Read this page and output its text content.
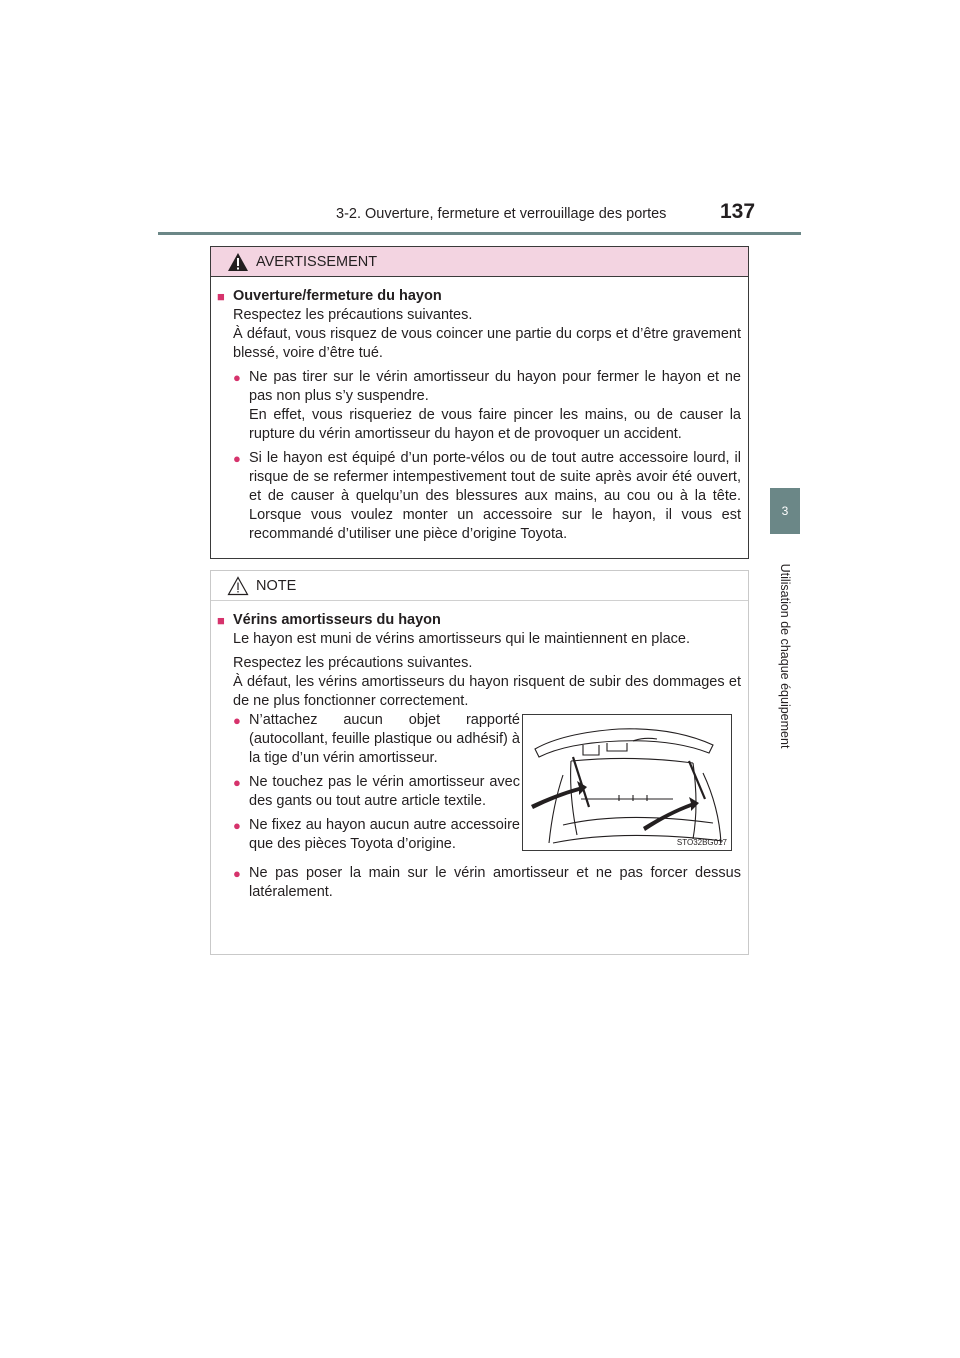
3-2. Ouverture, fermeture et verrouillage des portes	137
3
Utilisation de chaque équipement
AVERTISSEMENT
■ Ouverture/fermeture du hayon
Respectez les précautions suivantes.
À défaut, vous risquez de vous coincer une partie du corps et d’être gravement blessé, voire d’être tué.
● Ne pas tirer sur le vérin amortisseur du hayon pour fermer le hayon et ne pas non plus s’y suspendre.

En effet, vous risqueriez de vous faire pincer les mains, ou de causer la rupture du vérin amortisseur du hayon et de provoquer un accident.

● Si le hayon est équipé d’un porte-vélos ou de tout autre accessoire lourd, il risque de se refermer intempestivement tout de suite après avoir été ouvert, et de causer à quelqu’un des blessures aux mains, au cou ou à la tête. Lorsque vous voulez monter un accessoire sur le hayon, il vous est recommandé d’utiliser une pièce d’origine Toyota.

NOTE
■ Vérins amortisseurs du hayon
Le hayon est muni de vérins amortisseurs qui le maintiennent en place.
Respectez les précautions suivantes.
À défaut, les vérins amortisseurs du hayon risquent de subir des dommages et de ne plus fonctionner correctement.
● N’attachez aucun objet rapporté (autocollant, feuille plastique ou adhésif) à la tige d’un vérin amortisseur.

● Ne touchez pas le vérin amortisseur avec des gants ou tout autre article textile.

● Ne fixez au hayon aucun autre accessoire que des pièces Toyota d’origine.

● Ne pas poser la main sur le vérin amortisseur et ne pas forcer dessus latéralement.

STO32BG017
